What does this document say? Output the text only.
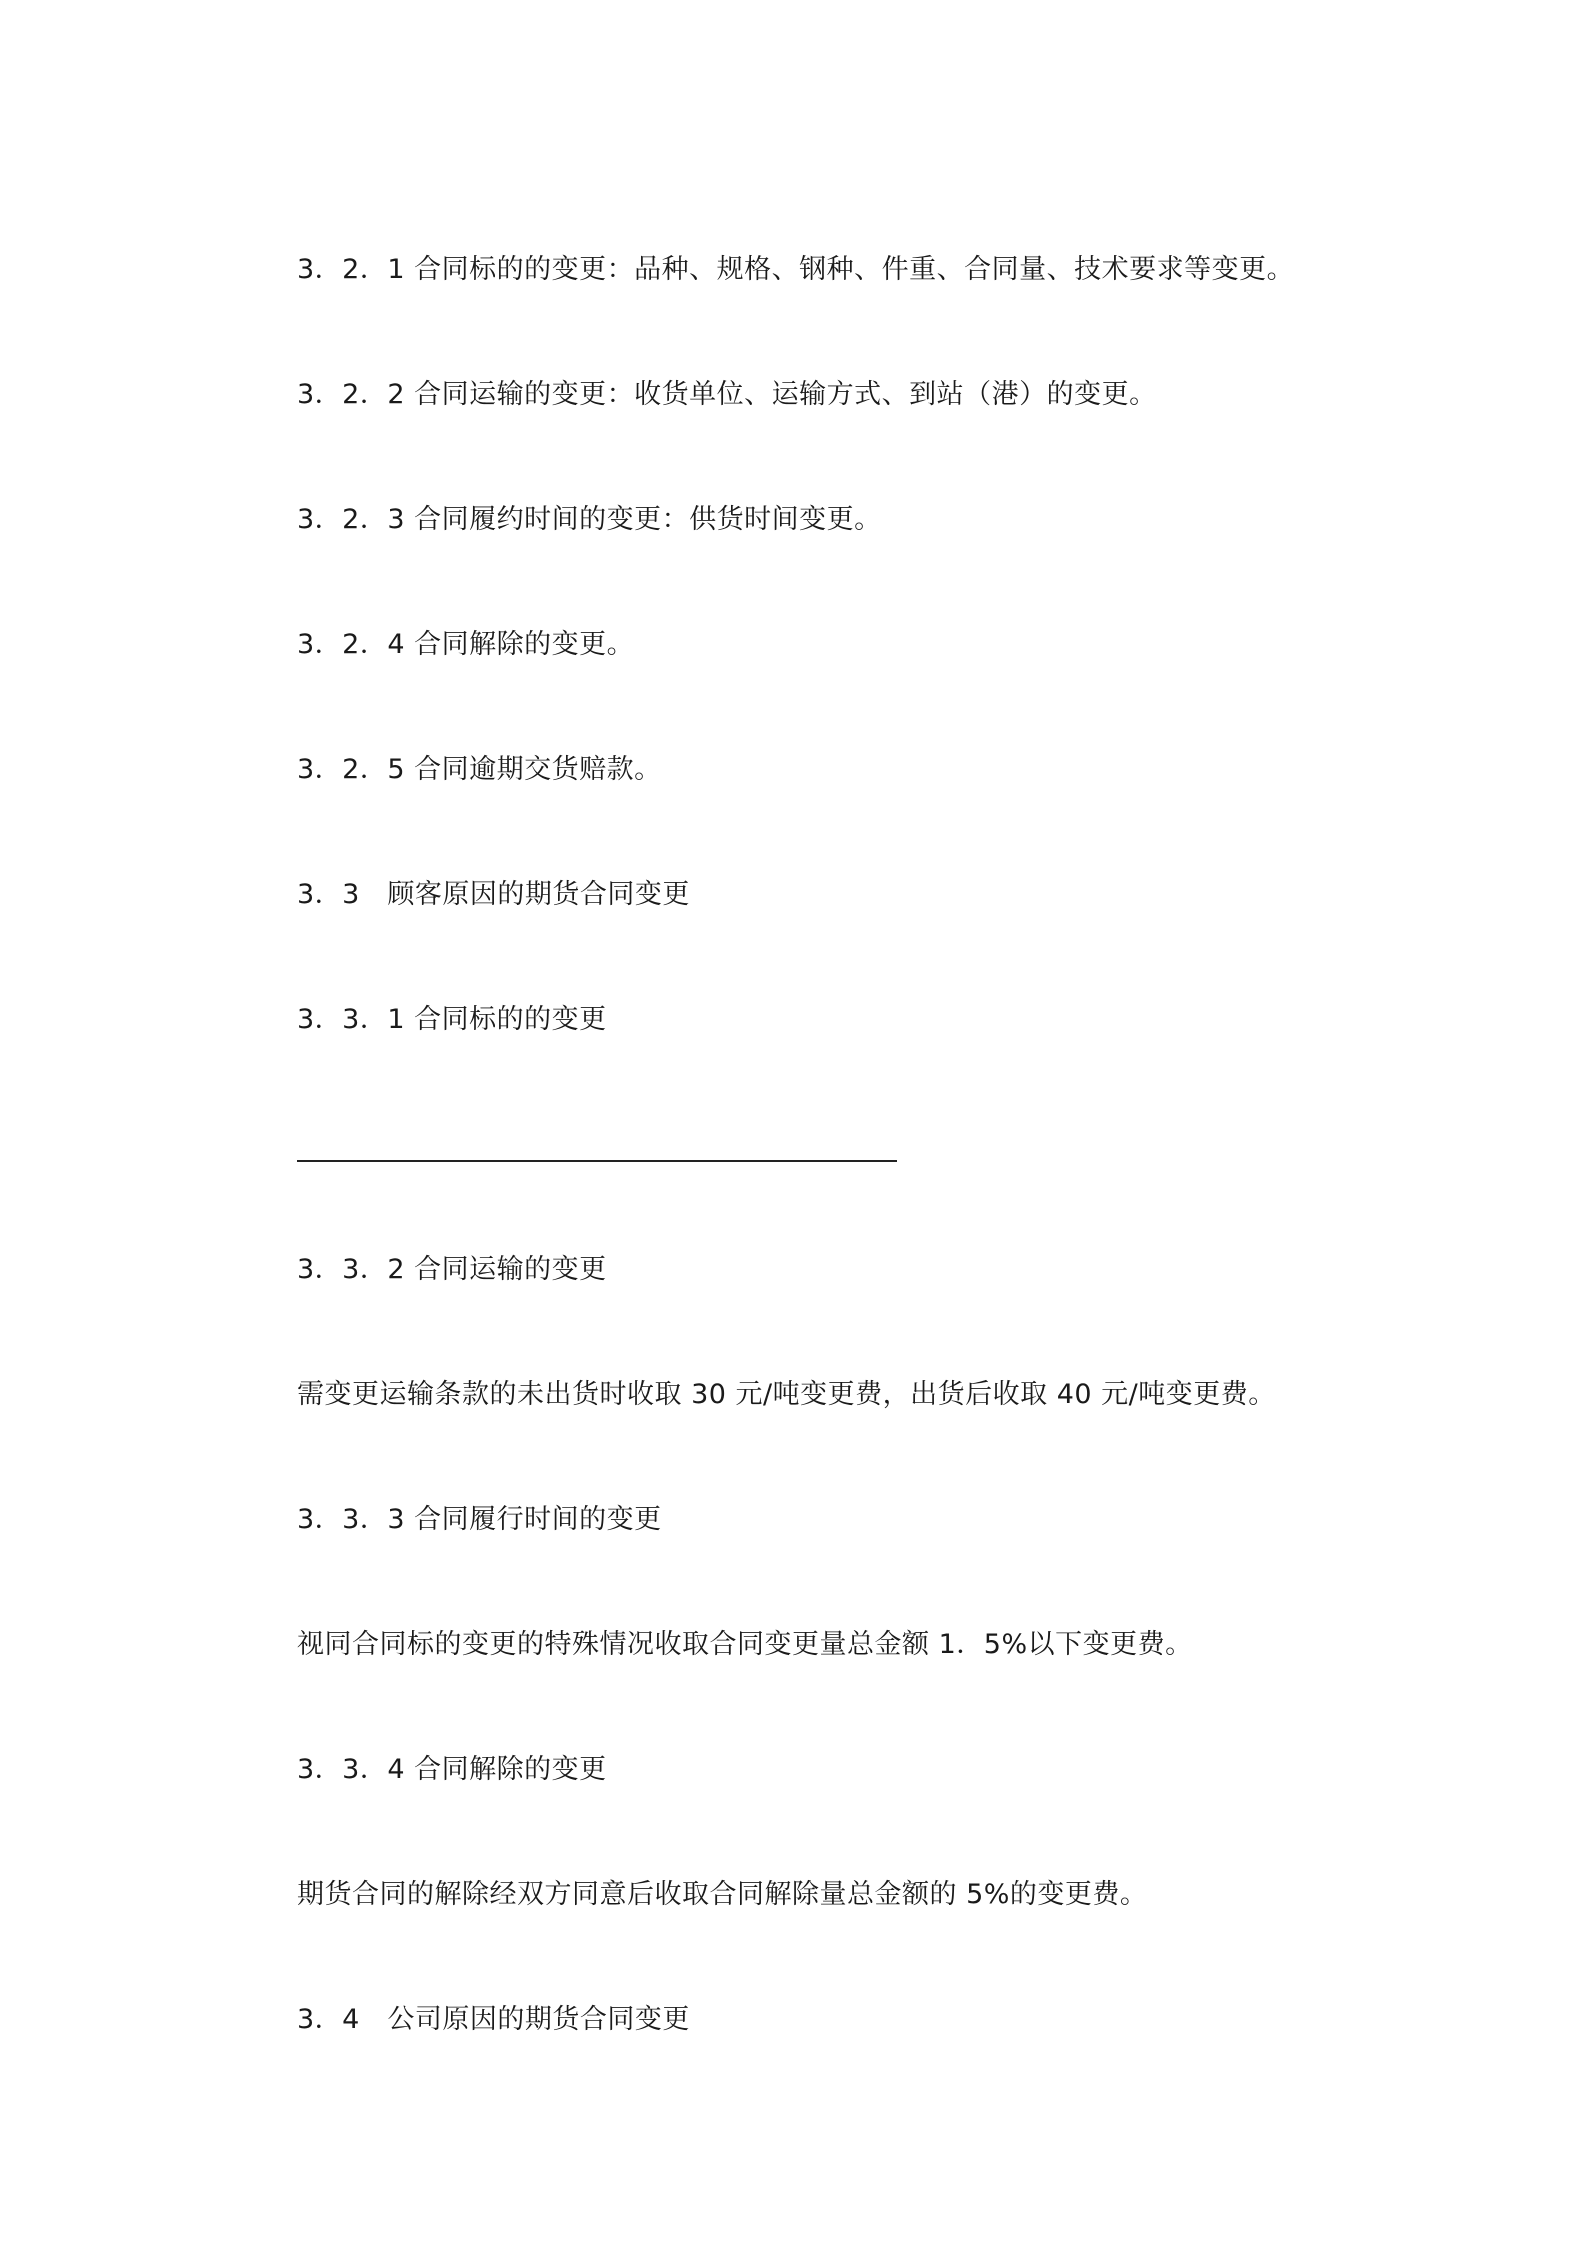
3．2．1 合同标的的变更：品种、规格、钢种、件重、合同量、技术要求等变更。
3．2．2 合同运输的变更：收货单位、运输方式、到站（港）的变更。
3．2．3 合同履约时间的变更：供货时间变更。
3．2．4 合同解除的变更。
3．2．5 合同逾期交货赔款。
3．3　顾客原因的期货合同变更
3．3．1 合同标的的变更
3．3．2 合同运输的变更
需变更运输条款的未出货时收取 30 元/吨变更费，出货后收取 40 元/吨变更费。
3．3．3 合同履行时间的变更
视同合同标的变更的特殊情况收取合同变更量总金额 1．5%以下变更费。
3．3．4 合同解除的变更
期货合同的解除经双方同意后收取合同解除量总金额的 5%的变更费。
3．4　公司原因的期货合同变更
